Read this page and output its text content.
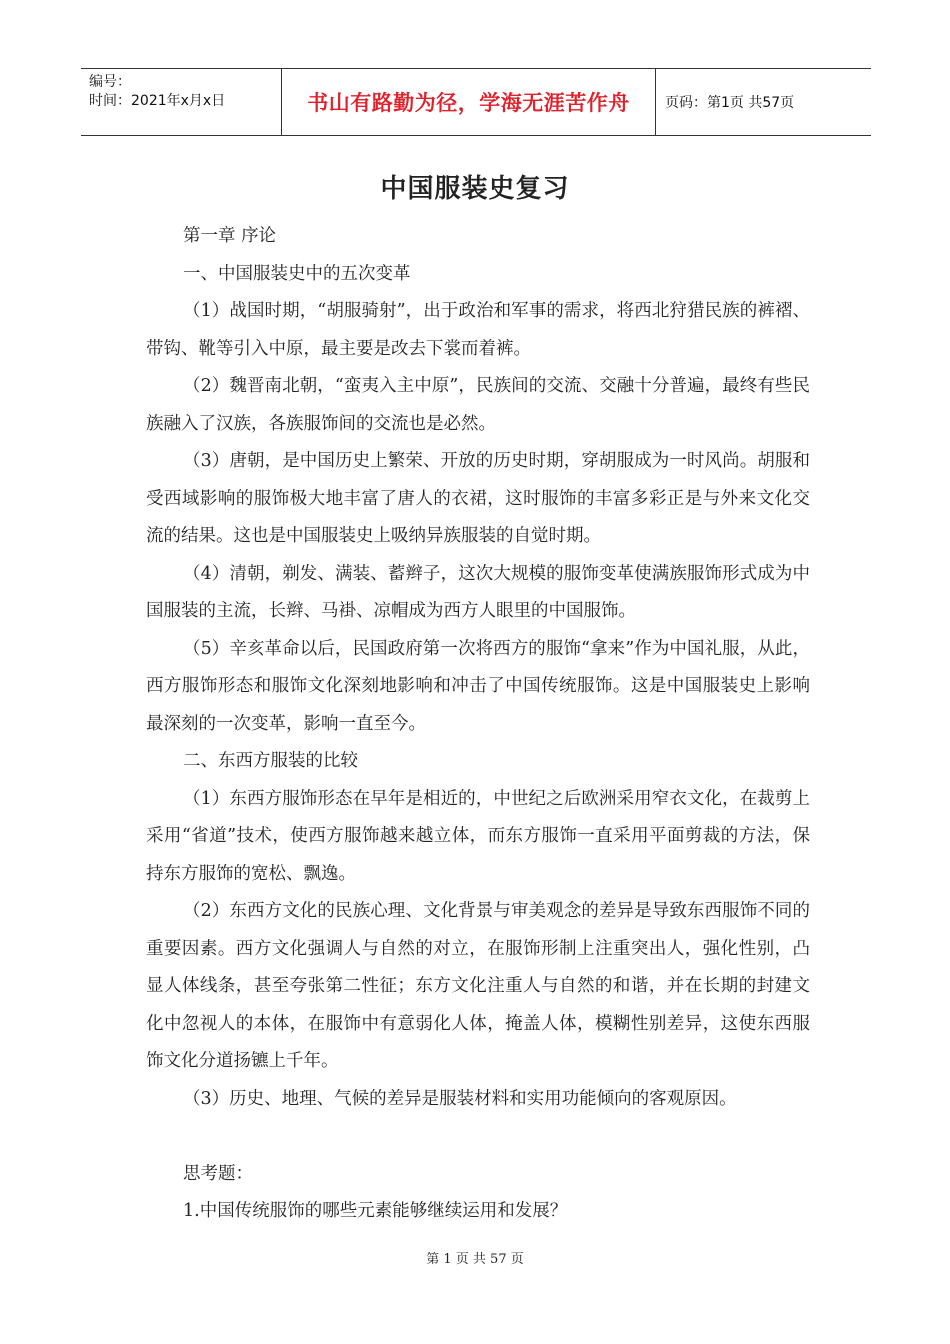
编号：
时间：2021年x月x日	书山有路勤为径，学海无涯苦作舟	页码：第1页 共57页
中国服装史复习

第一章 序论

一、中国服装史中的五次变革

（1）战国时期，“胡服骑射”，出于政治和军事的需求，将西北狩猎民族的裤褶、带钩、靴等引入中原，最主要是改去下裳而着裤。

（2）魏晋南北朝，“蛮夷入主中原”，民族间的交流、交融十分普遍，最终有些民族融入了汉族，各族服饰间的交流也是必然。

（3）唐朝，是中国历史上繁荣、开放的历史时期，穿胡服成为一时风尚。胡服和受西域影响的服饰极大地丰富了唐人的衣裙，这时服饰的丰富多彩正是与外来文化交流的结果。这也是中国服装史上吸纳异族服装的自觉时期。

（4）清朝，剃发、满装、蓄辫子，这次大规模的服饰变革使满族服饰形式成为中国服装的主流，长辫、马褂、凉帽成为西方人眼里的中国服饰。

（5）辛亥革命以后，民国政府第一次将西方的服饰“拿来”作为中国礼服，从此，西方服饰形态和服饰文化深刻地影响和冲击了中国传统服饰。这是中国服装史上影响最深刻的一次变革，影响一直至今。

二、东西方服装的比较

（1）东西方服饰形态在早年是相近的，中世纪之后欧洲采用窄衣文化，在裁剪上采用“省道”技术，使西方服饰越来越立体，而东方服饰一直采用平面剪裁的方法，保持东方服饰的宽松、飘逸。

（2）东西方文化的民族心理、文化背景与审美观念的差异是导致东西服饰不同的重要因素。西方文化强调人与自然的对立，在服饰形制上注重突出人，强化性别，凸显人体线条，甚至夸张第二性征；东方文化注重人与自然的和谐，并在长期的封建文化中忽视人的本体，在服饰中有意弱化人体，掩盖人体，模糊性别差异，这使东西服饰文化分道扬镳上千年。

（3）历史、地理、气候的差异是服装材料和实用功能倾向的客观原因。

思考题：

1.中国传统服饰的哪些元素能够继续运用和发展？

第 1 页 共 57 页
